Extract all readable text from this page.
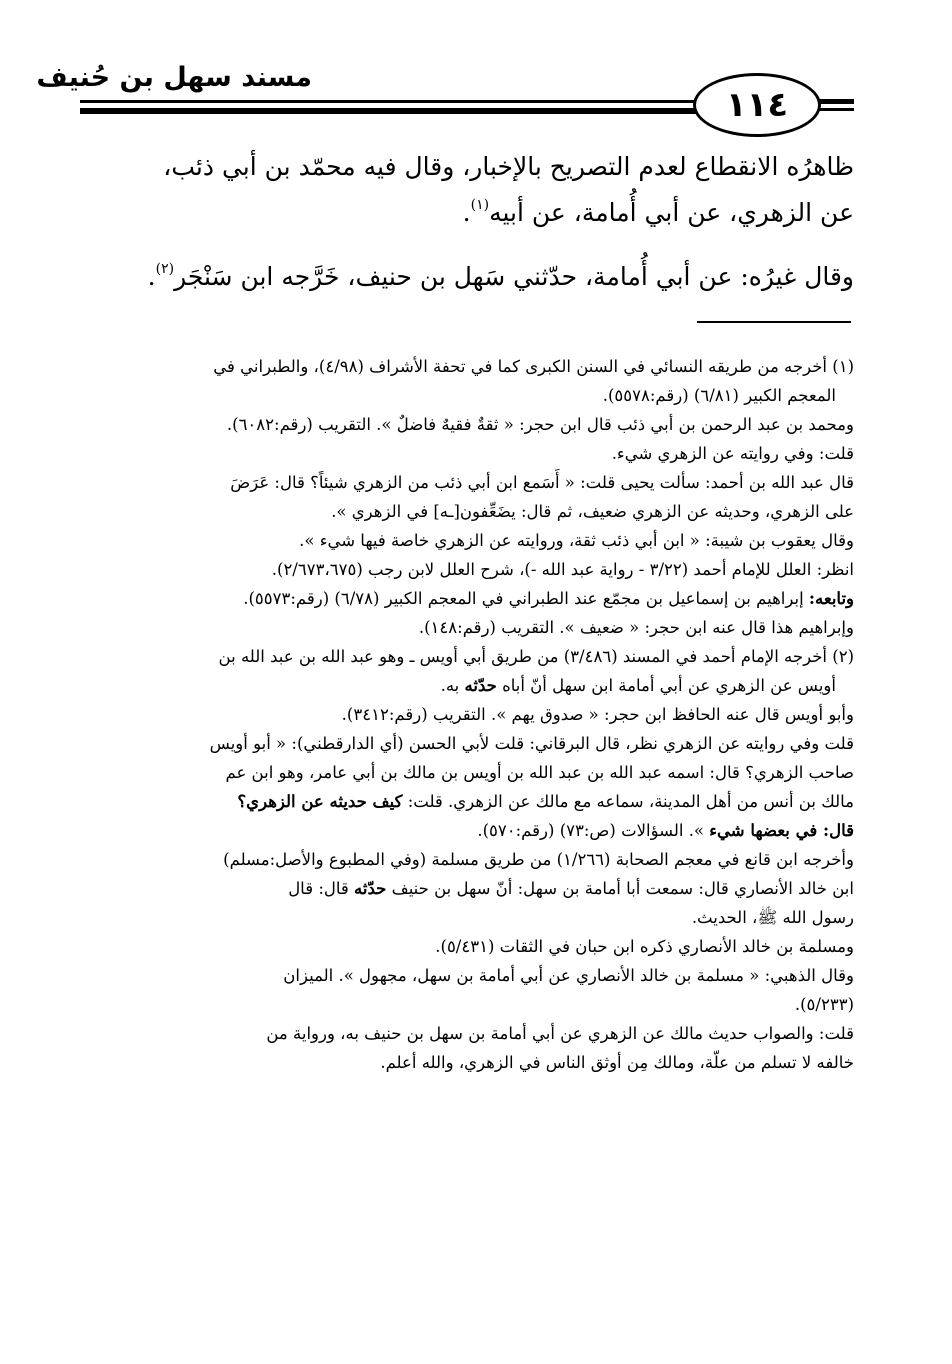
مسند سهل بن حُنيف
١١٤

ظاهرُه الانقطاع لعدم التصريح بالإخبار، وقال فيه محمّد بن أبي ذئب،

عن الزهري، عن أبي أُمامة، عن أبيه$^{(١)}$.

وقال غيرُه: عن أبي أُمامة، حدّثني سَهل بن حنيف، خَرَّجه ابن سَنْجَر$^{(٢)}$.

(١) أخرجه من طريقه النسائي في السنن الكبرى كما في تحفة الأشراف (٤/٩٨)، والطبراني في

المعجم الكبير (٦/٨١) (رقم:٥٥٧٨).

ومحمد بن عبد الرحمن بن أبي ذئب قال ابن حجر: « ثقةٌ فقيهٌ فاضلٌ ». التقريب (رقم:٦٠٨٢).

قلت: وفي روايته عن الزهري شيء.

قال عبد الله بن أحمد: سألت يحيى قلت: « أَسَمع ابن أبي ذئب من الزهري شيئاً؟ قال: عَرَضَ

على الزهري، وحديثه عن الزهري ضعيف، ثم قال: يضَعِّفون[ـه] في الزهري ».

وقال يعقوب بن شيبة: « ابن أبي ذئب ثقة، وروايته عن الزهري خاصة فيها شيء ».

انظر: العلل للإمام أحمد (٣/٢٢ - رواية عبد الله -)، شرح العلل لابن رجب (٢/٦٧٣،٦٧٥).

وتابعه: إبراهيم بن إسماعيل بن مجمّع عند الطبراني في المعجم الكبير (٦/٧٨) (رقم:٥٥٧٣).

وإبراهيم هذا قال عنه ابن حجر: « ضعيف ». التقريب (رقم:١٤٨).

(٢) أخرجه الإمام أحمد في المسند (٣/٤٨٦) من طريق أبي أويس ـ وهو عبد الله بن عبد الله بن

أويس عن الزهري عن أبي أمامة ابن سهل أنّ أباه حدّثه به.

وأبو أويس قال عنه الحافظ ابن حجر: « صدوق يهم ». التقريب (رقم:٣٤١٢).

قلت وفي روايته عن الزهري نظر، قال البرقاني: قلت لأبي الحسن (أي الدارقطني): « أبو أويس

صاحب الزهري؟ قال: اسمه عبد الله بن عبد الله بن أويس بن مالك بن أبي عامر، وهو ابن عم

مالك بن أنس من أهل المدينة، سماعه مع مالك عن الزهري. قلت: كيف حديثه عن الزهري؟

قال: في بعضها شيء ». السؤالات (ص:٧٣) (رقم:٥٧٠).

وأخرجه ابن قانع في معجم الصحابة (١/٢٦٦) من طريق مسلمة (وفي المطبوع والأصل:مسلم)

ابن خالد الأنصاري قال: سمعت أبا أمامة بن سهل: أنّ سهل بن حنيف حدّثه قال: قال

رسول الله ﷺ، الحديث.

ومسلمة بن خالد الأنصاري ذكره ابن حبان في الثقات (٥/٤٣١).

وقال الذهبي: « مسلمة بن خالد الأنصاري عن أبي أمامة بن سهل، مجهول ». الميزان

(٥/٢٣٣).

قلت: والصواب حديث مالك عن الزهري عن أبي أمامة بن سهل بن حنيف به، ورواية من

خالفه لا تسلم من علّة، ومالك مِن أوثق الناس في الزهري، والله أعلم.
